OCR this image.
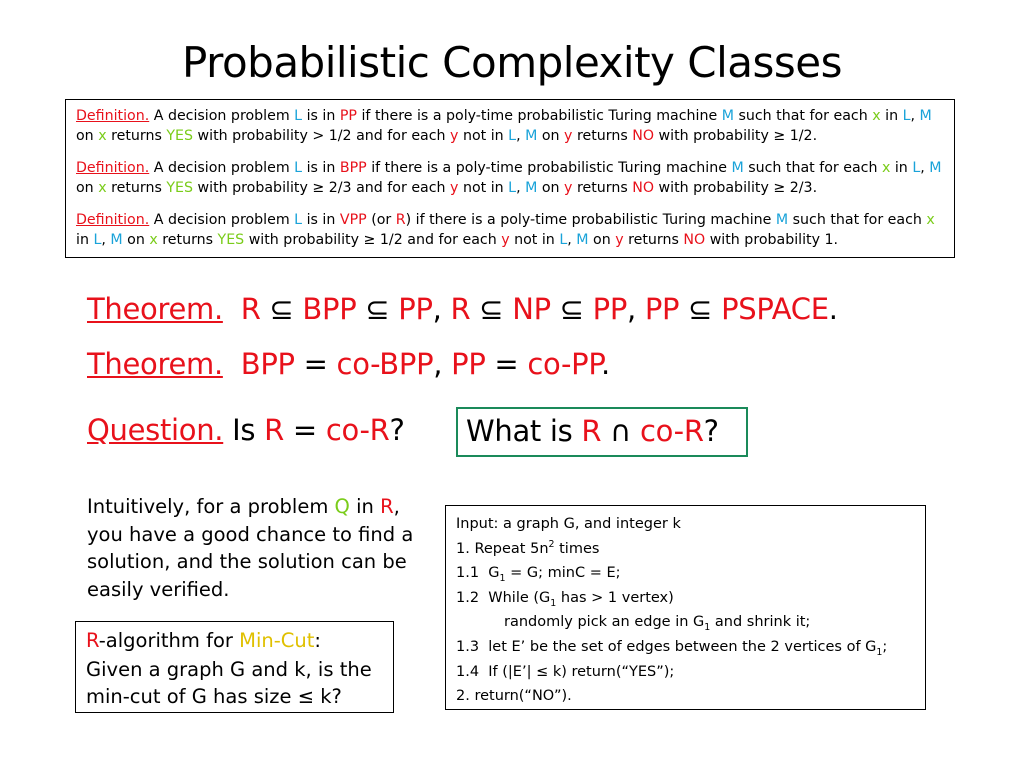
Probabilistic Complexity Classes

Definition. A decision problem L is in PP if there is a poly-time probabilistic Turing machine M such that for each x in L, M on x returns YES with probability > 1/2 and for each y not in L, M on y returns NO with probability ≥ 1/2.

Definition. A decision problem L is in BPP if there is a poly-time probabilistic Turing machine M such that for each x in L, M on x returns YES with probability ≥ 2/3 and for each y not in L, M on y returns NO with probability ≥ 2/3.

Definition. A decision problem L is in VPP (or R) if there is a poly-time probabilistic Turing machine M such that for each x in L, M on x returns YES with probability ≥ 1/2 and for each y not in L, M on y returns NO with probability 1.

Theorem. R ⊆ BPP ⊆ PP, R ⊆ NP ⊆ PP, PP ⊆ PSPACE.
Theorem. BPP = co-BPP, PP = co-PP.
Question. Is R = co-R?	What is R ∩ co-R?
Intuitively, for a problem Q in R, you have a good chance to find a solution, and the solution can be easily verified.
R-algorithm for Min-Cut:
Given a graph G and k, is the min-cut of G has size ≤ k?
Input: a graph G, and integer k
1. Repeat $5n^2$ times
1.1  $G_1 = G$; minC = E;
1.2  While ($G_1$ has > 1 vertex)
randomly pick an edge in $G_1$ and shrink it;
1.3  let E’ be the set of edges between the 2 vertices of $G_1$;
1.4  If (|E’| ≤ k) return(“YES”);
2. return(“NO”).
